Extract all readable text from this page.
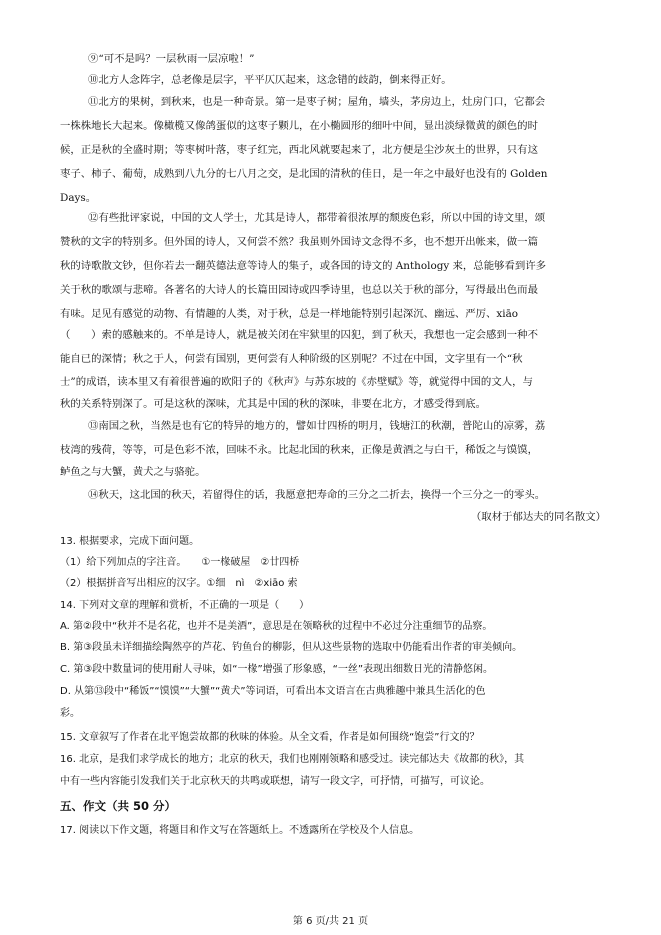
⑨“可不是吗？一层秋雨一层凉啦！”
⑩北方人念阵字，总老像是层字，平平仄仄起来，这念错的歧韵，倒来得正好。
⑪北方的果树，到秋来，也是一种奇景。第一是枣子树；屋角，墙头，茅房边上，灶房门口，它都会
一株株地长大起来。像橄榄又像鸽蛋似的这枣子颗儿，在小椭圆形的细叶中间，显出淡绿微黄的颜色的时
候，正是秋的全盛时期；等枣树叶落，枣子红完，西北风就要起来了，北方便是尘沙灰土的世界，只有这
枣子、柿子、葡萄，成熟到八九分的七八月之交，是北国的清秋的佳日，是一年之中最好也没有的 Golden
Days。
⑫有些批评家说，中国的文人学士，尤其是诗人，都带着很浓厚的颓废色彩，所以中国的诗文里，颂
赞秋的文字的特别多。但外国的诗人，又何尝不然？我虽则外国诗文念得不多，也不想开出帐来，做一篇
秋的诗歌散文钞，但你若去一翻英德法意等诗人的集子，或各国的诗文的 Anthology 来，总能够看到许多
关于秋的歌颂与悲啼。各著名的大诗人的长篇田园诗或四季诗里，也总以关于秋的部分，写得最出色而最
有味。足见有感觉的动物、有情趣的人类，对于秋，总是一样地能特别引起深沉、幽远、严厉、xiāo
（　　）索的感触来的。不单是诗人，就是被关闭在牢狱里的囚犯，到了秋天，我想也一定会感到一种不
能自已的深情；秋之于人，何尝有国别，更何尝有人种阶级的区别呢？不过在中国，文字里有一个“秋
士”的成语，读本里又有着很普遍的欧阳子的《秋声》与苏东坡的《赤壁赋》等，就觉得中国的文人，与
秋的关系特别深了。可是这秋的深味，尤其是中国的秋的深味，非要在北方，才感受得到底。
⑬南国之秋，当然是也有它的特异的地方的，譬如廿四桥的明月，钱塘江的秋潮，普陀山的凉雾，荔
枝湾的残荷，等等，可是色彩不浓，回味不永。比起北国的秋来，正像是黄酒之与白干，稀饭之与馍馍，
鲈鱼之与大蟹，黄犬之与骆驼。
⑭秋天，这北国的秋天，若留得住的话，我愿意把寿命的三分之二折去，换得一个三分之一的零头。
（取材于郁达夫的同名散文）
13. 根据要求，完成下面问题。
（1）给下列加点的字注音。　　①一椽破屋　②廿四桥
（2）根据拼音写出相应的汉字。①细　nì　②xiāo 索
14. 下列对文章的理解和赏析，不正确的一项是（　　）
A. 第②段中“秋并不是名花，也并不是美酒”，意思是在领略秋的过程中不必过分注重细节的品察。
B. 第③段虽未详细描绘陶然亭的芦花、钓鱼台的柳影，但从这些景物的选取中仍能看出作者的审美倾向。
C. 第③段中数量词的使用耐人寻味，如“一椽”增强了形象感，“一丝”表现出细数日光的清静悠闲。
D. 从第⑬段中“稀饭”“馍馍”“大蟹”“黄犬”等词语，可看出本文语言在古典雅趣中兼具生活化的色
彩。
15. 文章叙写了作者在北平饱尝故都的秋味的体验。从全文看，作者是如何围绕“饱尝”行文的？
16. 北京，是我们求学成长的地方；北京的秋天，我们也刚刚领略和感受过。读完郁达夫《故都的秋》，其
中有一些内容能引发我们关于北京秋天的共鸣或联想，请写一段文字，可抒情，可描写，可议论。
五、作文（共 50 分）
17. 阅读以下作文题，将题目和作文写在答题纸上。不透露所在学校及个人信息。
第 6 页/共 21 页
